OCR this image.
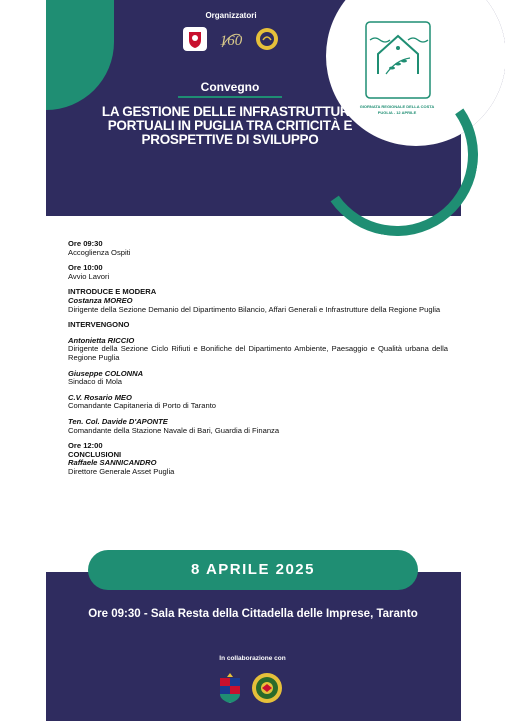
Organizzatori
160
Convegno
LA GESTIONE DELLE INFRASTRUTTURE PORTUALI IN PUGLIA TRA CRITICITÀ E PROSPETTIVE DI SVILUPPO
GIORNATA REGIONALE DELLA COSTA PUGLIA - 12 APRILE
Ore 09:30
Accoglienza Ospiti
Ore 10:00
Avvio Lavori
INTRODUCE E MODERA
Costanza MOREO
Dirigente della Sezione Demanio del Dipartimento Bilancio, Affari Generali e Infrastrutture della Regione Puglia
INTERVENGONO
Antonietta RICCIO
Dirigente della Sezione Ciclo Rifiuti e Bonifiche del Dipartimento Ambiente, Paesaggio e Qualità urbana della Regione Puglia
Giuseppe COLONNA
Sindaco di Mola
C.V. Rosario MEO
Comandante Capitaneria di Porto di Taranto
Ten. Col. Davide D'APONTE
Comandante della Stazione Navale di Bari, Guardia di Finanza
Ore 12:00
CONCLUSIONI
Raffaele SANNICANDRO
Direttore Generale Asset Puglia
8 APRILE 2025
Ore 09:30 - Sala Resta della Cittadella delle Imprese, Taranto
In collaborazione con
